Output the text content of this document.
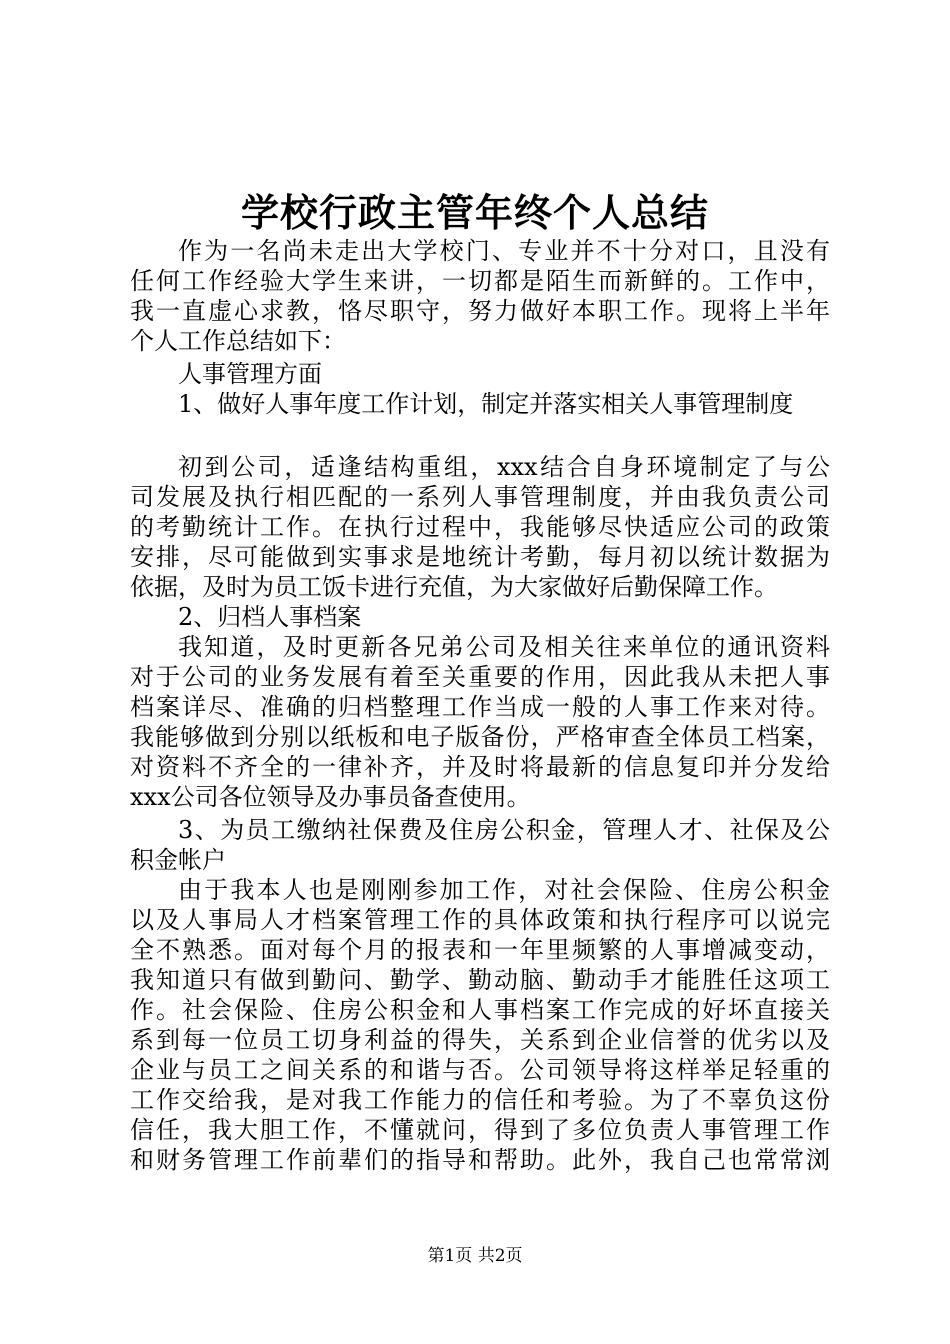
学校行政主管年终个人总结
作为一名尚未走出大学校门、专业并不十分对口，且没有
任何工作经验大学生来讲，一切都是陌生而新鲜的。工作中，
我一直虚心求教，恪尽职守，努力做好本职工作。现将上半年
个人工作总结如下：
人事管理方面
1、做好人事年度工作计划，制定并落实相关人事管理制度
初到公司，适逢结构重组，xxx结合自身环境制定了与公
司发展及执行相匹配的一系列人事管理制度，并由我负责公司
的考勤统计工作。在执行过程中，我能够尽快适应公司的政策
安排，尽可能做到实事求是地统计考勤，每月初以统计数据为
依据，及时为员工饭卡进行充值，为大家做好后勤保障工作。
2、归档人事档案
我知道，及时更新各兄弟公司及相关往来单位的通讯资料
对于公司的业务发展有着至关重要的作用，因此我从未把人事
档案详尽、准确的归档整理工作当成一般的人事工作来对待。
我能够做到分别以纸板和电子版备份，严格审查全体员工档案，
对资料不齐全的一律补齐，并及时将最新的信息复印并分发给
xxx公司各位领导及办事员备查使用。
3、为员工缴纳社保费及住房公积金，管理人才、社保及公
积金帐户
由于我本人也是刚刚参加工作，对社会保险、住房公积金
以及人事局人才档案管理工作的具体政策和执行程序可以说完
全不熟悉。面对每个月的报表和一年里频繁的人事增减变动，
我知道只有做到勤问、勤学、勤动脑、勤动手才能胜任这项工
作。社会保险、住房公积金和人事档案工作完成的好坏直接关
系到每一位员工切身利益的得失，关系到企业信誉的优劣以及
企业与员工之间关系的和谐与否。公司领导将这样举足轻重的
工作交给我，是对我工作能力的信任和考验。为了不辜负这份
信任，我大胆工作，不懂就问，得到了多位负责人事管理工作
和财务管理工作前辈们的指导和帮助。此外，我自己也常常浏
第1页 共2页
